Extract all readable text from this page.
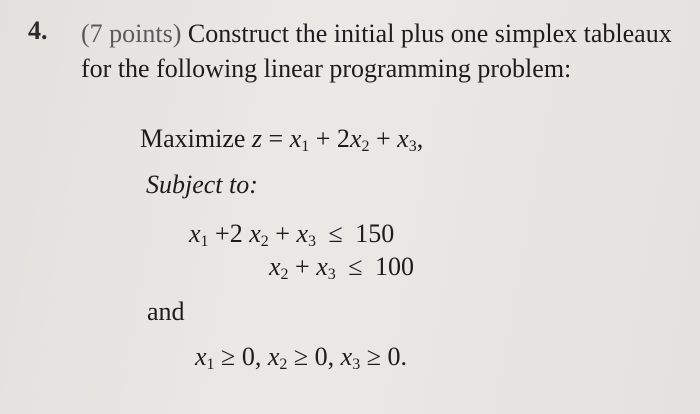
4. (7 points) Construct the initial plus one simplex tableaux for the following linear programming problem:
Maximize $z = x_1 + 2x_2 + x_3$,
Subject to:
$x_1 +2$ $x_2 + x_3 \le 150$
$x_2 + x_3 \le 100$
and
$x_1 \ge 0$, $x_2 \ge 0$, $x_3 \ge 0$.
